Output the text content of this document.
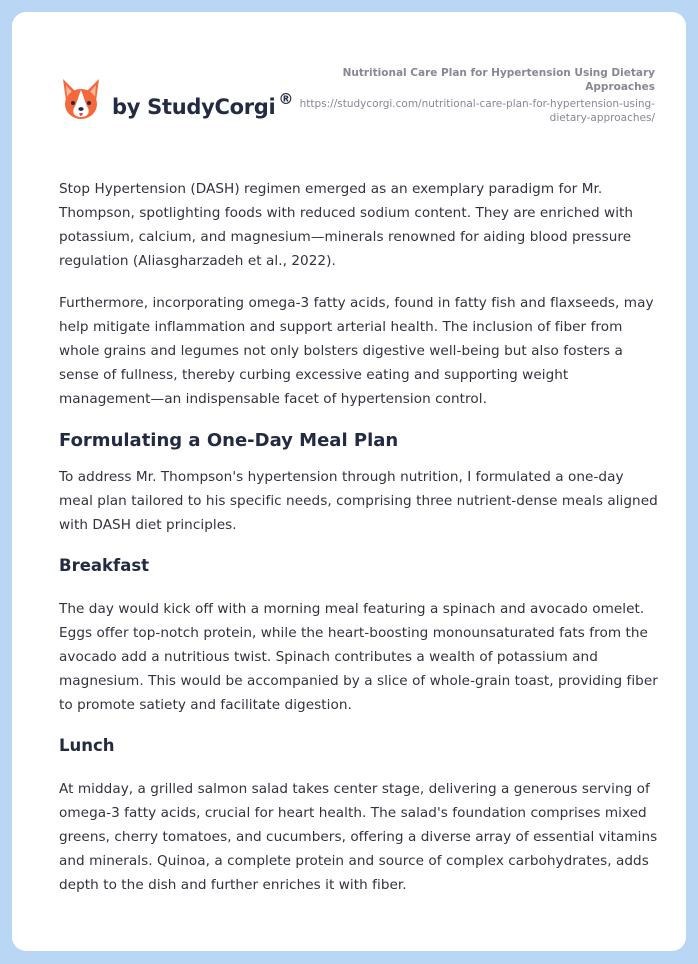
by StudyCorgi ®
Nutritional Care Plan for Hypertension Using Dietary Approaches
https://studycorgi.com/nutritional-care-plan-for-hypertension-using-dietary-approaches/

Stop Hypertension (DASH) regimen emerged as an exemplary paradigm for Mr. Thompson, spotlighting foods with reduced sodium content. They are enriched with potassium, calcium, and magnesium—minerals renowned for aiding blood pressure regulation (Aliasgharzadeh et al., 2022).

Furthermore, incorporating omega-3 fatty acids, found in fatty fish and flaxseeds, may help mitigate inflammation and support arterial health. The inclusion of fiber from whole grains and legumes not only bolsters digestive well-being but also fosters a sense of fullness, thereby curbing excessive eating and supporting weight management—an indispensable facet of hypertension control.

Formulating a One-Day Meal Plan

To address Mr. Thompson's hypertension through nutrition, I formulated a one-day meal plan tailored to his specific needs, comprising three nutrient-dense meals aligned with DASH diet principles.

Breakfast

The day would kick off with a morning meal featuring a spinach and avocado omelet. Eggs offer top-notch protein, while the heart-boosting monounsaturated fats from the avocado add a nutritious twist. Spinach contributes a wealth of potassium and magnesium. This would be accompanied by a slice of whole-grain toast, providing fiber to promote satiety and facilitate digestion.

Lunch

At midday, a grilled salmon salad takes center stage, delivering a generous serving of omega-3 fatty acids, crucial for heart health. The salad's foundation comprises mixed greens, cherry tomatoes, and cucumbers, offering a diverse array of essential vitamins and minerals. Quinoa, a complete protein and source of complex carbohydrates, adds depth to the dish and further enriches it with fiber.
